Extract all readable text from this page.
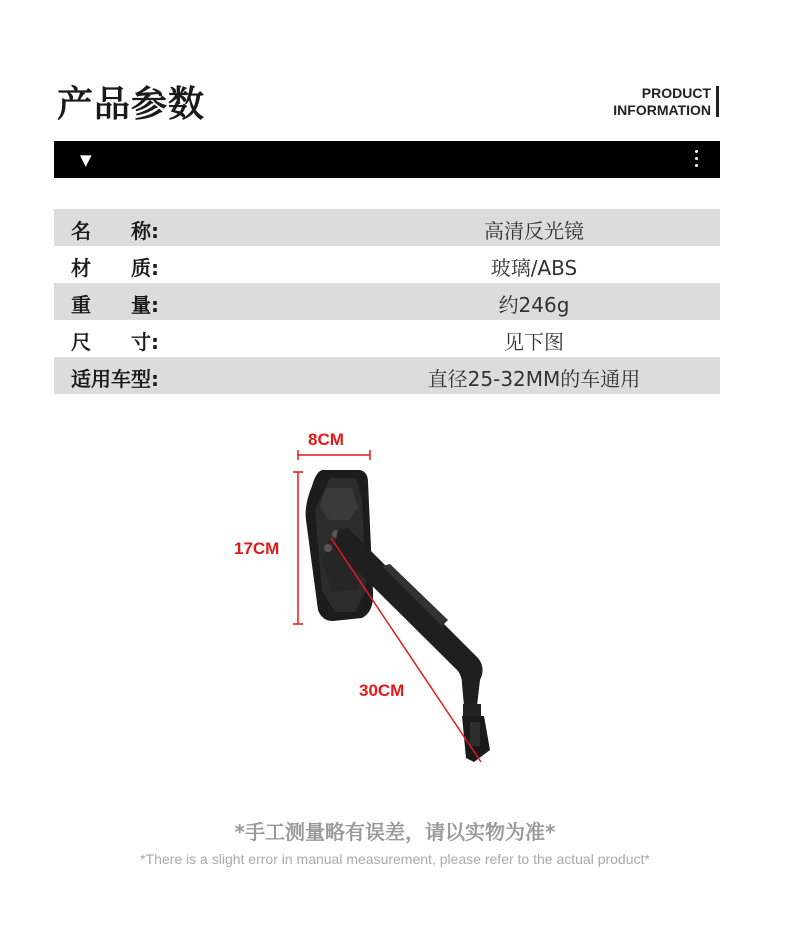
产品参数	PRODUCT
INFORMATION
▼
名　　称:	高清反光镜
材　　质:	玻璃/ABS
重　　量:	约246g
尺　　寸:	见下图
适用车型:	直径25-32MM的车通用
8CM
17CM
30CM
*手工测量略有误差，请以实物为准*
*There is a slight error in manual measurement, please refer to the actual product*
